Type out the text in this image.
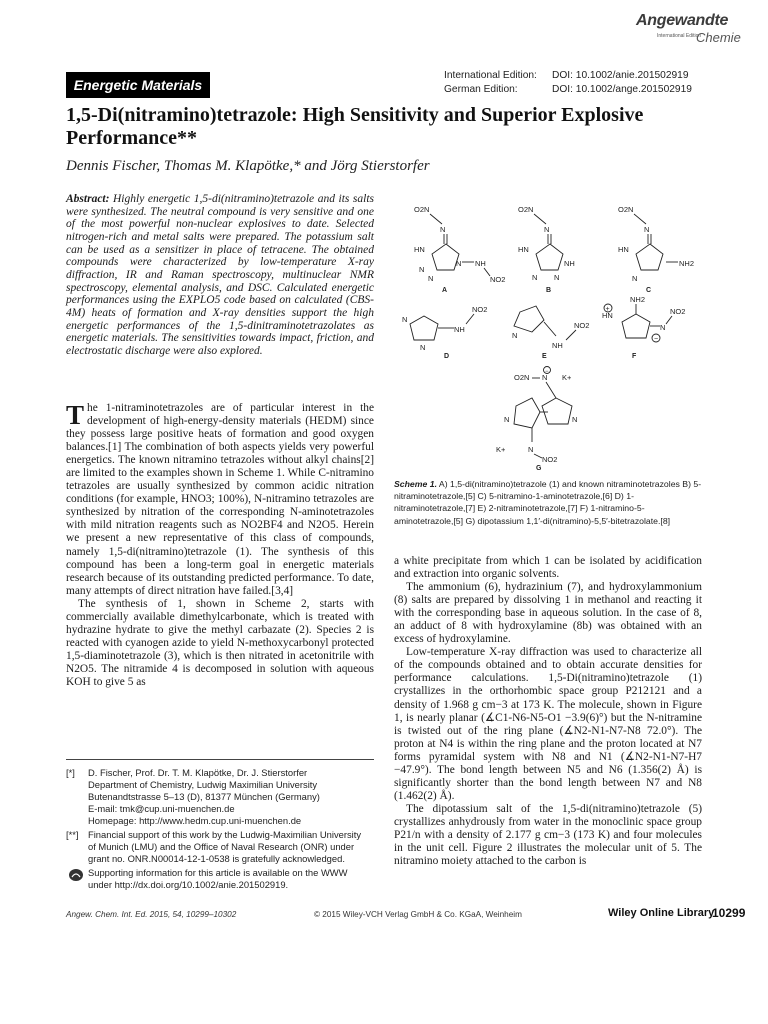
Angewandte
International Edition
Chemie
Energetic Materials
International Edition: DOI: 10.1002/anie.201502919
German Edition:	DOI: 10.1002/ange.201502919
1,5-Di(nitramino)tetrazole: High Sensitivity and Superior Explosive Performance**

Dennis Fischer, Thomas M. Klapötke,* and Jörg Stierstorfer

Abstract: Highly energetic 1,5-di(nitramino)tetrazole and its salts were synthesized. The neutral compound is very sensitive and one of the most powerful non-nuclear explosives to date. Selected nitrogen-rich and metal salts were prepared. The potassium salt can be used as a sensitizer in place of tetracene. The obtained compounds were characterized by low-temperature X-ray diffraction, IR and Raman spectroscopy, multinuclear NMR spectroscopy, elemental analysis, and DSC. Calculated energetic performances using the EXPLO5 code based on calculated (CBS-4M) heats of formation and X-ray densities support the high energetic performances of the 1,5-dinitraminotetrazolates as energetic materials. The sensitivities towards impact, friction, and electrostatic discharge were also explored.

The 1-nitraminotetrazoles are of particular interest in the development of high-energy-density materials (HEDM) since they possess large positive heats of formation and good oxygen balances.[1] The combination of both aspects yields very powerful energetics. The known nitramino tetrazoles without alkyl chains[2] are limited to the examples shown in Scheme 1. While C-nitramino tetrazoles are usually synthesized by common acidic nitration conditions (for example, HNO3; 100%), N-nitramino tetrazoles are synthesized by nitration of the corresponding N-aminotetrazoles with mild nitration reagents such as NO2BF4 and N2O5. Herein we present a new representative of this class of compounds, namely 1,5-di(nitramino)tetrazole (1). The synthesis of this compound has been a long-term goal in energetic materials research because of its outstanding predicted performance. To date, many attempts of direct nitration have failed.[3,4]

The synthesis of 1, shown in Scheme 2, starts with commercially available dimethylcarbonate, which is treated with hydrazine hydrate to give the methyl carbazate (2). Species 2 is reacted with cyanogen azide to yield N-methoxycarbonyl protected 1,5-diaminotetrazole (3), which is then nitrated in acetonitrile with N2O5. The nitramide 4 is decomposed in solution with aqueous KOH to give 5 as

O2N
N
HN
N
N
N NH
NO2
A
O2N
N
HN
NH
N N
B
O2N
N
HN
NH2
N
C
N
N
NH
NO2
D
N
NH
NO2
E
NH2
HN
+
N
NO2
−
F
O2N N
−
K+
N	N
K+	N
NO2
G

Scheme 1. A) 1,5-di(nitramino)tetrazole (1) and known nitraminotetrazoles B) 5-nitraminotetrazole,[5] C) 5-nitramino-1-aminotetrazole,[6] D) 1-nitraminotetrazole,[7] E) 2-nitraminotetrazole,[7] F) 1-nitramino-5-aminotetrazole,[5] G) dipotassium 1,1′-di(nitramino)-5,5′-bitetrazolate.[8]

a white precipitate from which 1 can be isolated by acidification and extraction into organic solvents.

The ammonium (6), hydrazinium (7), and hydroxylammonium (8) salts are prepared by dissolving 1 in methanol and reacting it with the corresponding base in aqueous solution. In the case of 8, an adduct of 8 with hydroxylamine (8b) was obtained with an excess of hydroxylamine.

Low-temperature X-ray diffraction was used to characterize all of the compounds obtained and to obtain accurate densities for performance calculations. 1,5-Di(nitramino)tetrazole (1) crystallizes in the orthorhombic space group P212121 and a density of 1.968 g cm−3 at 173 K. The molecule, shown in Figure 1, is nearly planar (∡C1-N6-N5-O1 −3.9(6)°) but the N-nitramine is twisted out of the ring plane (∡N2-N1-N7-N8 72.0°). The proton at N4 is within the ring plane and the proton located at N7 forms pyramidal system with N8 and N1 (∡N2-N1-N7-H7 −47.9°). The bond length between N5 and N6 (1.356(2) Å) is significantly shorter than the bond length between N7 and N8 (1.462(2) Å).

The dipotassium salt of the 1,5-di(nitramino)tetrazole (5) crystallizes anhydrously from water in the monoclinic space group P21/n with a density of 2.177 g cm−3 (173 K) and four molecules in the unit cell. Figure 2 illustrates the molecular unit of 5. The nitramino moiety attached to the carbon is

[*] D. Fischer, Prof. Dr. T. M. Klapötke, Dr. J. Stierstorfer
Department of Chemistry, Ludwig Maximilian University
Butenandtstrasse 5–13 (D), 81377 München (Germany)
E-mail: tmk@cup.uni-muenchen.de
Homepage: http://www.hedm.cup.uni-muenchen.de
[**] Financial support of this work by the Ludwig-Maximilian University
of Munich (LMU) and the Office of Naval Research (ONR) under
grant no. ONR.N00014-12-1-0538 is gratefully acknowledged.
Supporting information for this article is available on the WWW
under http://dx.doi.org/10.1002/anie.201502919.
Angew. Chem. Int. Ed. 2015, 54, 10299–10302	© 2015 Wiley-VCH Verlag GmbH & Co. KGaA, Weinheim	Wiley Online Library
10299
